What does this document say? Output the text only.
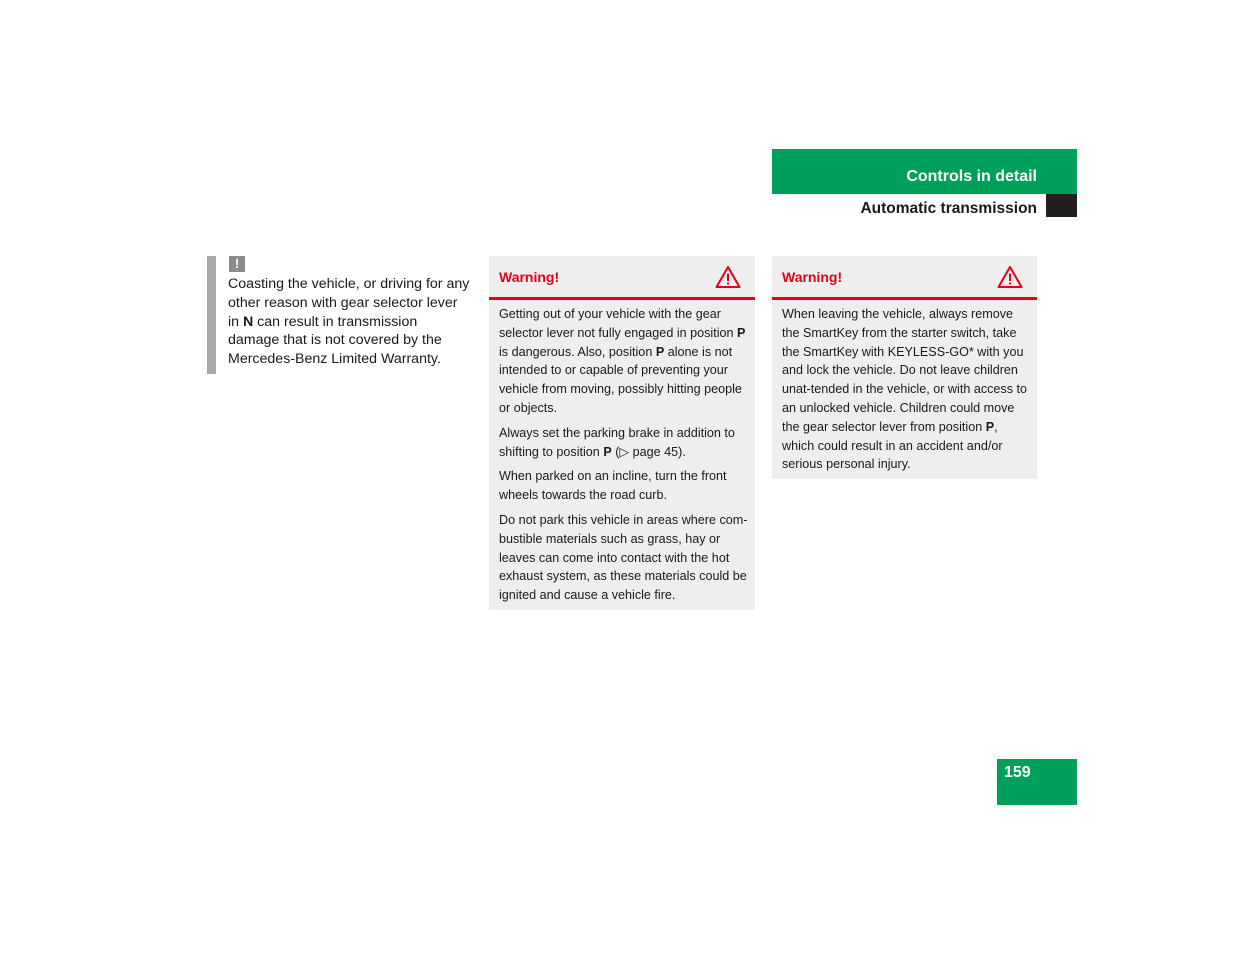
Controls in detail
Automatic transmission
!
Coasting the vehicle, or driving for any other reason with gear selector lever in N can result in transmission damage that is not covered by the Mercedes-Benz Limited Warranty.
Warning!

Getting out of your vehicle with the gear selector lever not fully engaged in position P is dangerous. Also, position P alone is not intended to or capable of preventing your vehicle from moving, possibly hitting people or objects.

Always set the parking brake in addition to shifting to position P (▷ page 45).

When parked on an incline, turn the front wheels towards the road curb.

Do not park this vehicle in areas where com-bustible materials such as grass, hay or leaves can come into contact with the hot exhaust system, as these materials could be ignited and cause a vehicle fire.

Warning!

When leaving the vehicle, always remove the SmartKey from the starter switch, take the SmartKey with KEYLESS-GO* with you and lock the vehicle. Do not leave children unat-tended in the vehicle, or with access to an unlocked vehicle. Children could move the gear selector lever from position P, which could result in an accident and/or serious personal injury.

159
